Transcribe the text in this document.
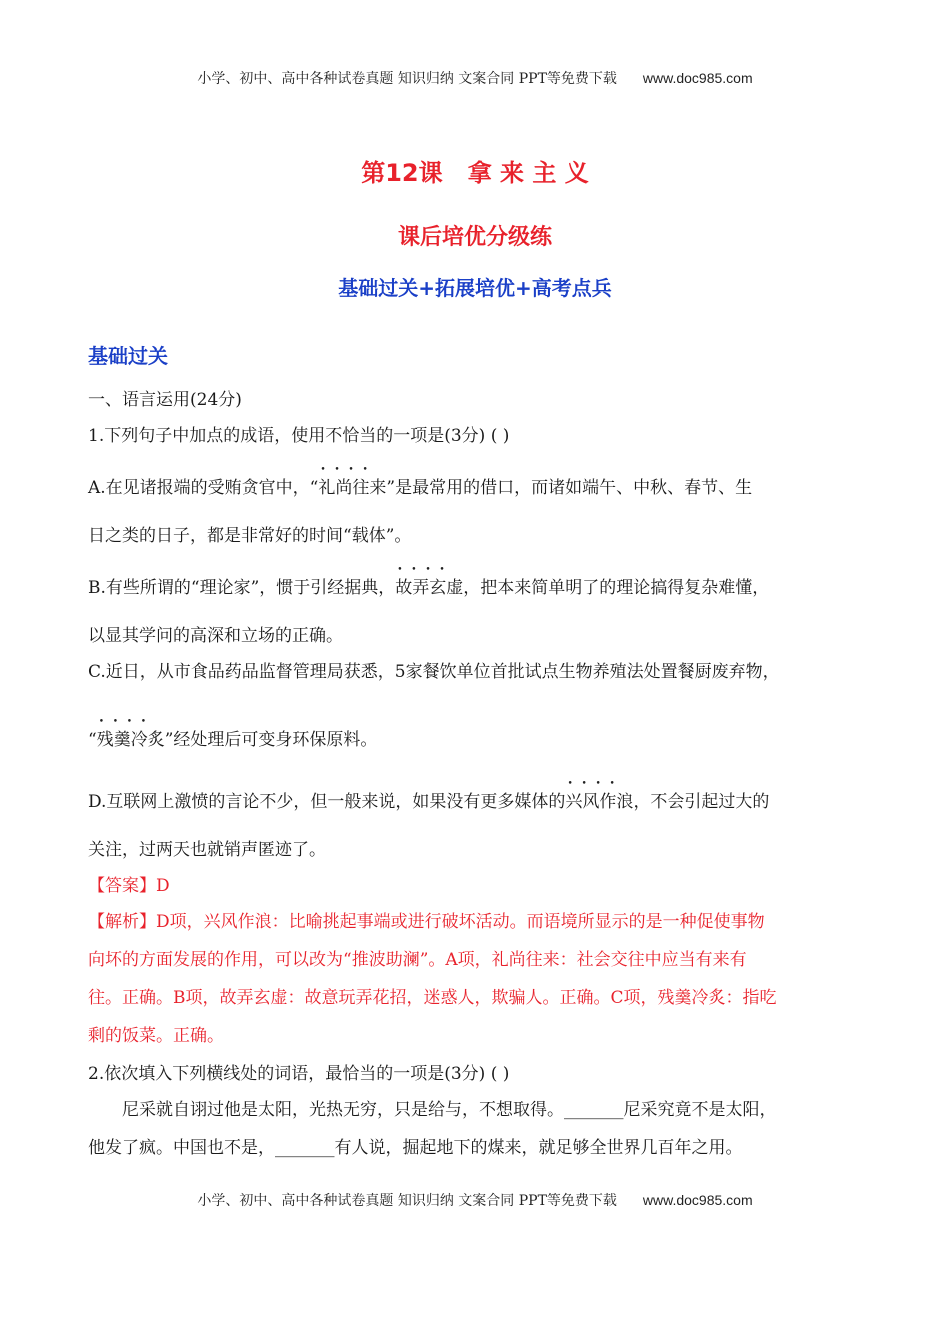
小学、初中、高中各种试卷真题 知识归纳 文案合同 PPT等免费下载 www.doc985.com
第12课   拿 来 主 义
课后培优分级练
基础过关+拓展培优+高考点兵
基础过关
一、语言运用(24分)
1.下列句子中加点的成语，使用不恰当的一项是(3分) ( )
A.在见诸报端的受贿贪官中，“• • 礼尚往来”是最常用的借口，而诸如端午、中秋、春节、生
日之类的日子，都是非常好的时间“载体”。
B.有些所谓的“理论家”，惯于引经据典，• • 故弄玄虚，把本来简单明了的理论搞得复杂难懂，
以显其学问的高深和立场的正确。
C.近日，从市食品药品监督管理局获悉，5家餐饮单位首批试点生物养殖法处置餐厨废弃物，
“• • 残羹冷炙”经处理后可变身环保原料。
D.互联网上激愤的言论不少，但一般来说，如果没有更多媒体的• • 兴风作浪，不会引起过大的
关注，过两天也就销声匿迹了。
【答案】D
【解析】D项，兴风作浪：比喻挑起事端或进行破坏活动。而语境所显示的是一种促使事物
向坏的方面发展的作用，可以改为“推波助澜”。A项，礼尚往来：社会交往中应当有来有
往。正确。B项，故弄玄虚：故意玩弄花招，迷惑人，欺骗人。正确。C项，残羹冷炙：指吃
剩的饭菜。正确。
2.依次填入下列横线处的词语，最恰当的一项是(3分) ( )
尼采就自诩过他是太阳，光热无穷，只是给与，不想取得。_______尼采究竟不是太阳，
他发了疯。中国也不是，_______有人说，掘起地下的煤来，就足够全世界几百年之用。
小学、初中、高中各种试卷真题 知识归纳 文案合同 PPT等免费下载 www.doc985.com
